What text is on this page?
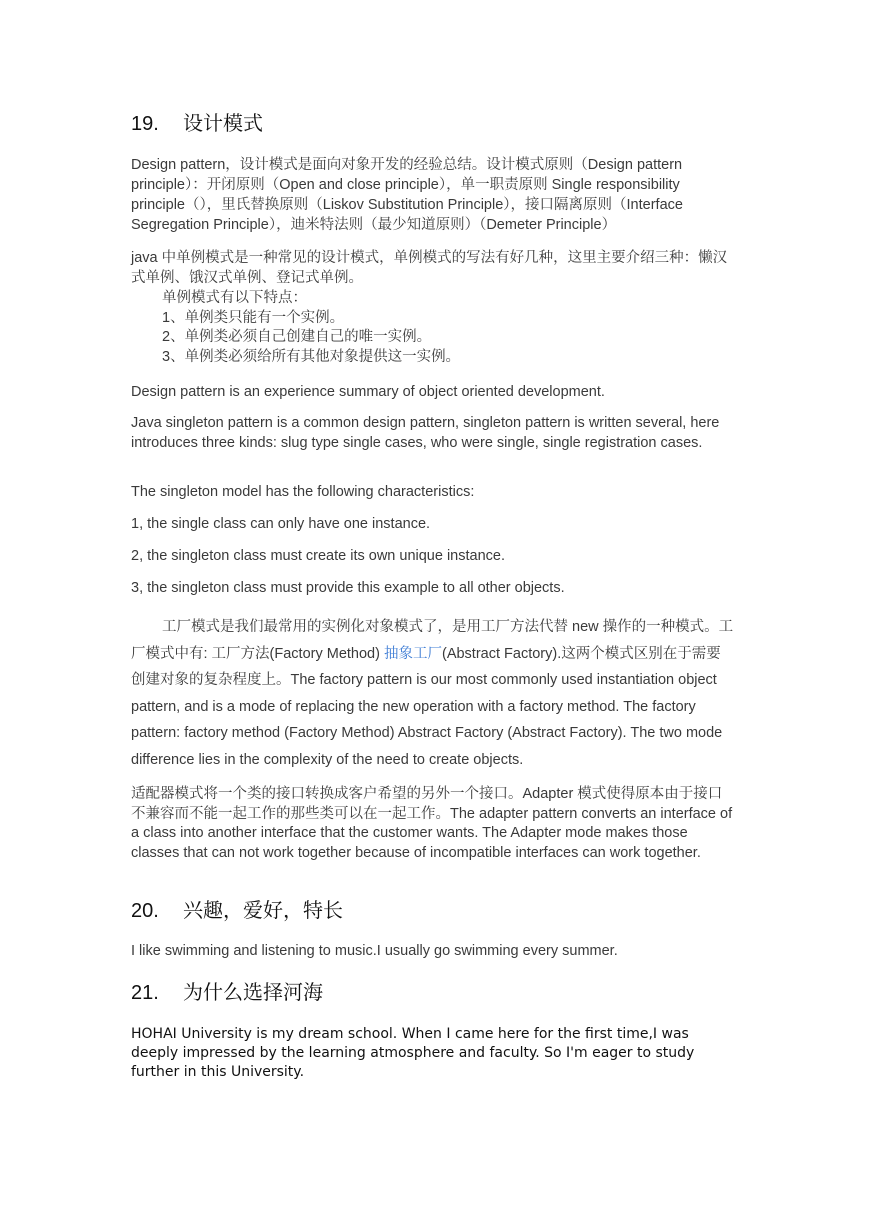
19. 设计模式

Design pattern，设计模式是面向对象开发的经验总结。设计模式原则（Design pattern principle）：开闭原则（Open and close principle），单一职责原则 Single responsibility principle（），里氏替换原则（Liskov Substitution Principle），接口隔离原则（Interface Segregation Principle），迪米特法则（最少知道原则）（Demeter Principle）

java 中单例模式是一种常见的设计模式，单例模式的写法有好几种，这里主要介绍三种：懒汉式单例、饿汉式单例、登记式单例。

单例模式有以下特点：
1、单例类只能有一个实例。
2、单例类必须自己创建自己的唯一实例。
3、单例类必须给所有其他对象提供这一实例。

Design pattern is an experience summary of object oriented development.

Java singleton pattern is a common design pattern, singleton pattern is written several, here introduces three kinds: slug type single cases, who were single, single registration cases.

The singleton model has the following characteristics:

1, the single class can only have one instance.

2, the singleton class must create its own unique instance.

3, the singleton class must provide this example to all other objects.

工厂模式是我们最常用的实例化对象模式了，是用工厂方法代替 new 操作的一种模式。工厂模式中有: 工厂方法(Factory Method) 抽象工厂(Abstract Factory).这两个模式区别在于需要创建对象的复杂程度上。The factory pattern is our most commonly used instantiation object pattern, and is a mode of replacing the new operation with a factory method. The factory pattern: factory method (Factory Method) Abstract Factory (Abstract Factory). The two mode difference lies in the complexity of the need to create objects.

适配器模式将一个类的接口转换成客户希望的另外一个接口。Adapter 模式使得原本由于接口不兼容而不能一起工作的那些类可以在一起工作。The adapter pattern converts an interface of a class into another interface that the customer wants. The Adapter mode makes those classes that can not work together because of incompatible interfaces can work together.

20. 兴趣，爱好，特长

I like swimming and listening to music.I usually go swimming every summer.

21. 为什么选择河海

HOHAI University is my dream school. When I came here for the first time,I was deeply impressed by the learning atmosphere and faculty. So I'm eager to study further in this University.
